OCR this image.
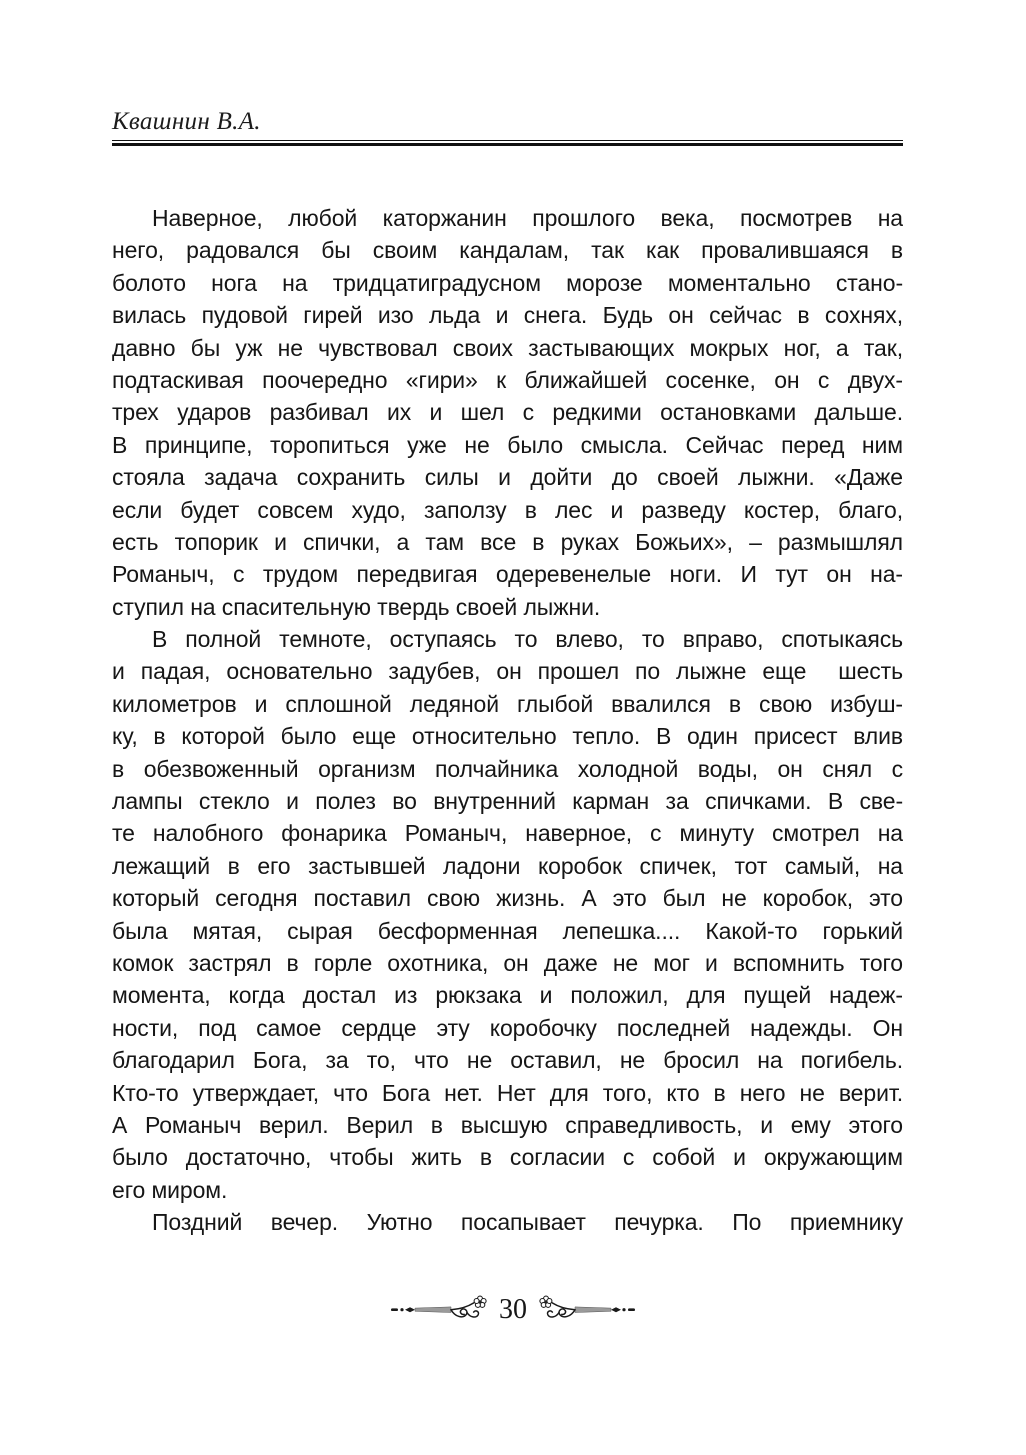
Квашнин В.А.
Наверное, любой каторжанин прошлого века, посмотрев на
него, радовался бы своим кандалам, так как провалившаяся в
болото нога на тридцатиградусном морозе моментально стано-
вилась пудовой гирей изо льда и снега. Будь он сейчас в сохнях,
давно бы уж не чувствовал своих застывающих мокрых ног, а так,
подтаскивая поочередно «гири» к ближайшей сосенке, он с двух-
трех ударов разбивал их и шел с редкими остановками дальше.
В принципе, торопиться уже не было смысла. Сейчас перед ним
стояла задача сохранить силы и дойти до своей лыжни. «Даже
если будет совсем худо, заползу в лес и разведу костер, благо,
есть топорик и спички, а там все в руках Божьих», – размышлял
Романыч, с трудом передвигая одеревенелые ноги. И тут он на-
ступил на спасительную твердь своей лыжни.
В полной темноте, оступаясь то влево, то вправо, спотыкаясь
и падая, основательно задубев, он прошел по лыжне еще  шесть
километров и сплошной ледяной глыбой ввалился в свою избуш-
ку, в которой было еще относительно тепло. В один присест влив
в обезвоженный организм полчайника холодной воды, он снял с
лампы стекло и полез во внутренний карман за спичками. В све-
те налобного фонарика Романыч, наверное, с минуту смотрел на
лежащий в его застывшей ладони коробок спичек, тот самый, на
который сегодня поставил свою жизнь. А это был не коробок, это
была мятая, сырая бесформенная лепешка.... Какой-то горький
комок застрял в горле охотника, он даже не мог и вспомнить того
момента, когда достал из рюкзака и положил, для пущей надеж-
ности, под самое сердце эту коробочку последней надежды. Он
благодарил Бога, за то, что не оставил, не бросил на погибель.
Кто-то утверждает, что Бога нет. Нет для того, кто в него не верит.
А Романыч верил. Верил в высшую справедливость, и ему этого
было достаточно, чтобы жить в согласии с собой и окружающим
его миром.
Поздний вечер. Уютно посапывает печурка. По приемнику
30
